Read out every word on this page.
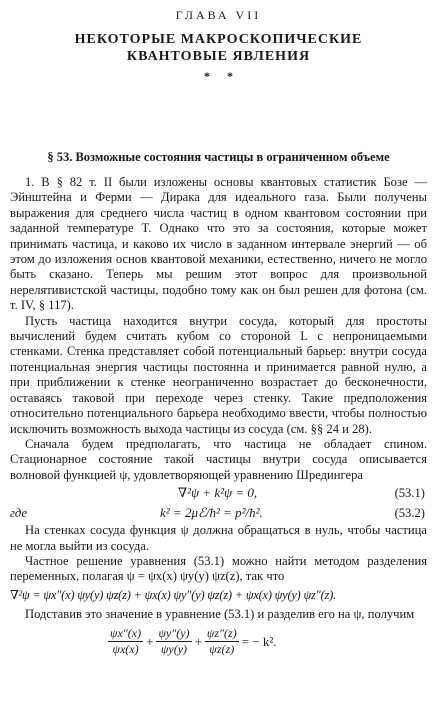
ГЛАВА VII
НЕКОТОРЫЕ МАКРОСКОПИЧЕСКИЕ
КВАНТОВЫЕ ЯВЛЕНИЯ
* *
§ 53. Возможные состояния частицы в ограниченном объеме

1. В § 82 т. II были изложены основы квантовых статистик Бозе — Эйнштейна и Ферми — Дирака для идеального газа. Были получены выражения для среднего числа частиц в одном квантовом состоянии при заданной температуре T. Однако что это за состояния, которые может принимать частица, и каково их число в заданном интервале энергий — об этом до изложения основ квантовой механики, естественно, ничего не могло быть сказано. Теперь мы решим этот вопрос для произвольной нерелятивистской частицы, подобно тому как он был решен для фотона (см. т. IV, § 117).

Пусть частица находится внутри сосуда, который для простоты вычислений будем считать кубом со стороной L с непроницаемыми стенками. Стенка представляет собой потенциальный барьер: внутри сосуда потенциальная энергия частицы постоянна и принимается равной нулю, а при приближении к стенке неограниченно возрастает до бесконечности, оставаясь таковой при переходе через стенку. Такие предположения относительно потенциального барьера необходимо ввести, чтобы полностью исключить возможность выхода частицы из сосуда (см. §§ 24 и 28).

Сначала будем предполагать, что частица не обладает спином. Стационарное состояние такой частицы внутри сосуда описывается волновой функцией ψ, удовлетворяющей уравнению Шредингера

∇²ψ + k²ψ = 0,	(53.1)
где	k² = 2μℰ/ħ² = p²/ħ².	(53.2)

На стенках сосуда функция ψ должна обращаться в нуль, чтобы частица не могла выйти из сосуда.

Частное решение уравнения (53.1) можно найти методом разделения переменных, полагая ψ = ψx(x) ψy(y) ψz(z), так что

∇²ψ = ψx″(x) ψy(y) ψz(z) + ψx(x) ψy″(y) ψz(z) + ψx(x) ψy(y) ψz″(z).

Подставив это значение в уравнение (53.1) и разделив его на ψ, получим

$\frac{\psi x''(x)}{\psi x(x)} + \frac{\psi y''(y)}{\psi y(y)} + \frac{\psi z''(z)}{\psi z(z)}$ = − k².
